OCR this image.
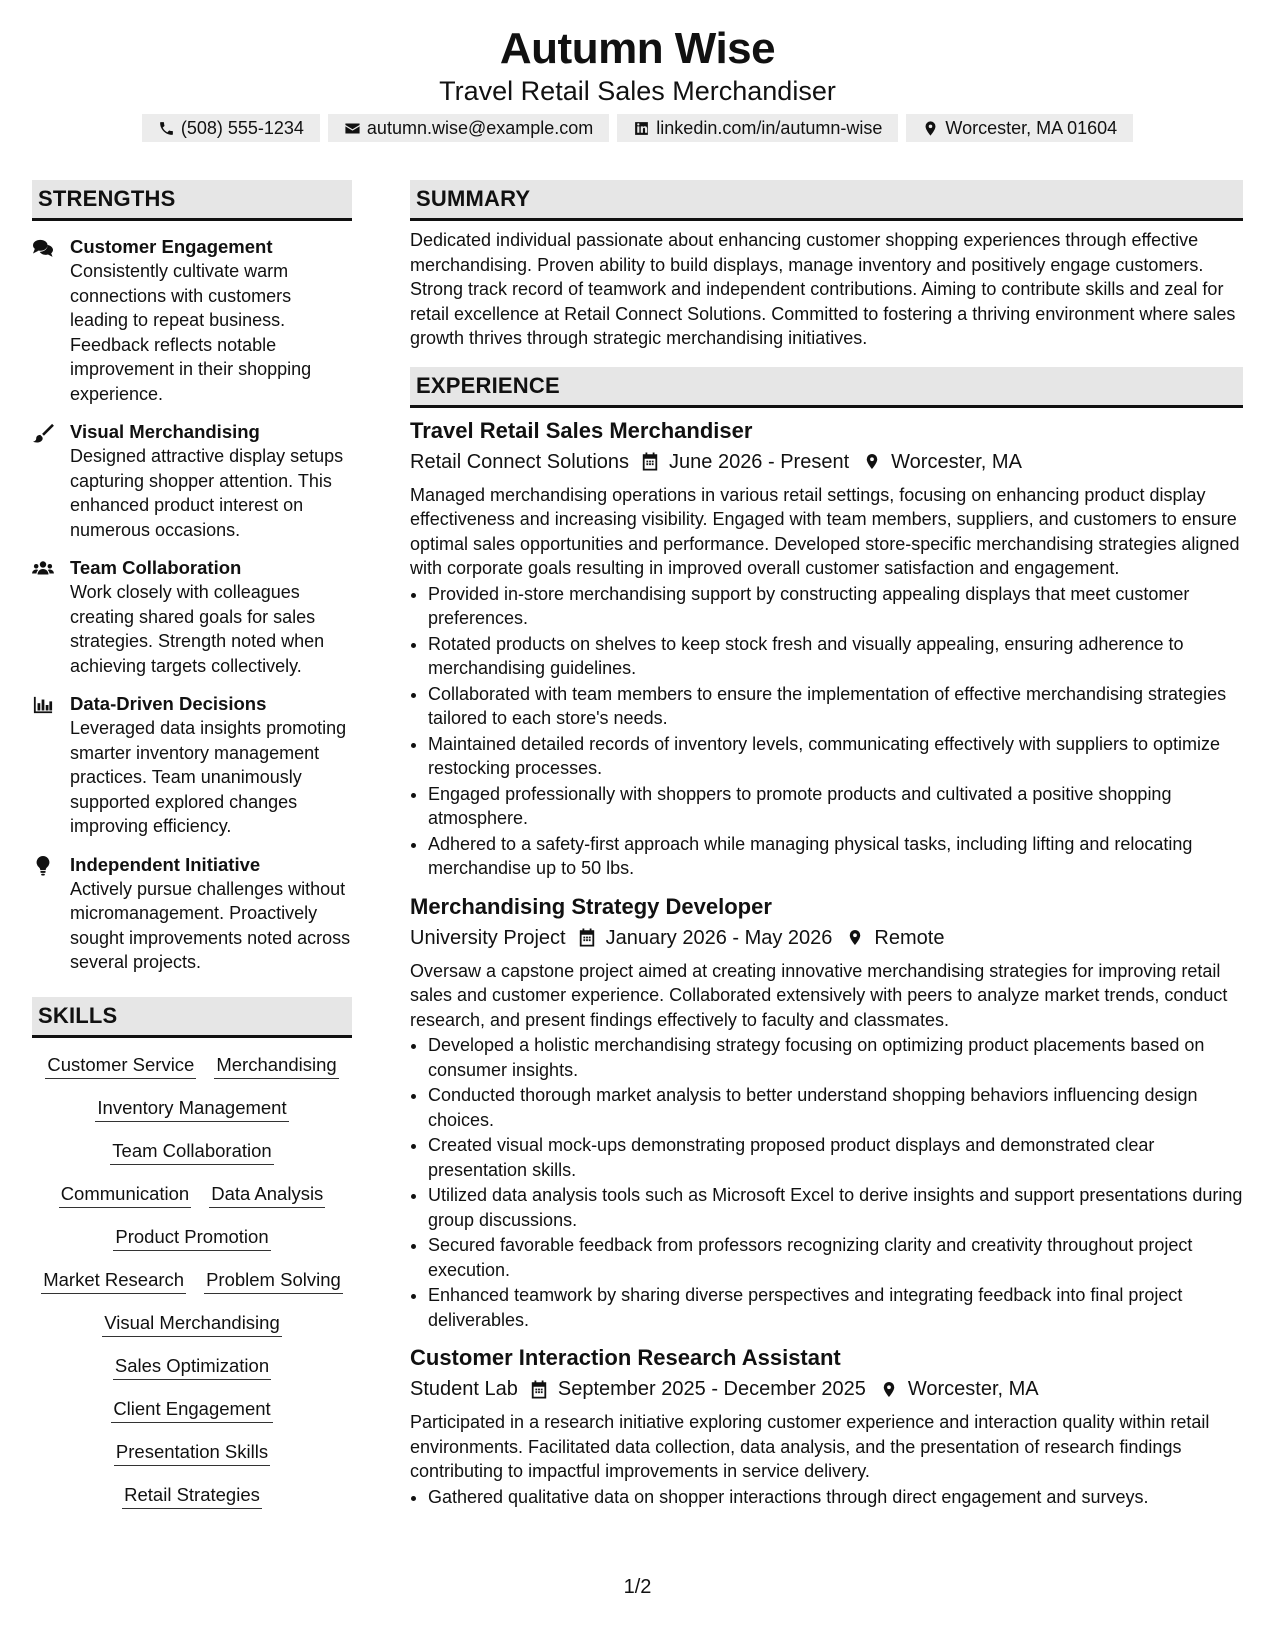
Autumn Wise
Travel Retail Sales Merchandiser
(508) 555-1234	autumn.wise@example.com	linkedin.com/in/autumn-wise	Worcester, MA 01604
STRENGTHS
Customer Engagement
Consistently cultivate warm connections with customers leading to repeat business. Feedback reflects notable improvement in their shopping experience.
Visual Merchandising
Designed attractive display setups capturing shopper attention. This enhanced product interest on numerous occasions.
Team Collaboration
Work closely with colleagues creating shared goals for sales strategies. Strength noted when achieving targets collectively.
Data-Driven Decisions
Leveraged data insights promoting smarter inventory management practices. Team unanimously supported explored changes improving efficiency.
Independent Initiative
Actively pursue challenges without micromanagement. Proactively sought improvements noted across several projects.
SKILLS
Customer Service Merchandising
Inventory Management
Team Collaboration
Communication Data Analysis
Product Promotion
Market Research Problem Solving
Visual Merchandising
Sales Optimization
Client Engagement
Presentation Skills
Retail Strategies
SUMMARY
Dedicated individual passionate about enhancing customer shopping experiences through effective merchandising. Proven ability to build displays, manage inventory and positively engage customers. Strong track record of teamwork and independent contributions. Aiming to contribute skills and zeal for retail excellence at Retail Connect Solutions. Committed to fostering a thriving environment where sales growth thrives through strategic merchandising initiatives.
EXPERIENCE
Travel Retail Sales Merchandiser
Retail Connect Solutions June 2026 - Present Worcester, MA
Managed merchandising operations in various retail settings, focusing on enhancing product display effectiveness and increasing visibility. Engaged with team members, suppliers, and customers to ensure optimal sales opportunities and performance. Developed store-specific merchandising strategies aligned with corporate goals resulting in improved overall customer satisfaction and engagement.
• Provided in-store merchandising support by constructing appealing displays that meet customer preferences.
• Rotated products on shelves to keep stock fresh and visually appealing, ensuring adherence to merchandising guidelines.
• Collaborated with team members to ensure the implementation of effective merchandising strategies tailored to each store's needs.
• Maintained detailed records of inventory levels, communicating effectively with suppliers to optimize restocking processes.
• Engaged professionally with shoppers to promote products and cultivated a positive shopping atmosphere.
• Adhered to a safety-first approach while managing physical tasks, including lifting and relocating merchandise up to 50 lbs.
Merchandising Strategy Developer
University Project January 2026 - May 2026 Remote
Oversaw a capstone project aimed at creating innovative merchandising strategies for improving retail sales and customer experience. Collaborated extensively with peers to analyze market trends, conduct research, and present findings effectively to faculty and classmates.
• Developed a holistic merchandising strategy focusing on optimizing product placements based on consumer insights.
• Conducted thorough market analysis to better understand shopping behaviors influencing design choices.
• Created visual mock-ups demonstrating proposed product displays and demonstrated clear presentation skills.
• Utilized data analysis tools such as Microsoft Excel to derive insights and support presentations during group discussions.
• Secured favorable feedback from professors recognizing clarity and creativity throughout project execution.
• Enhanced teamwork by sharing diverse perspectives and integrating feedback into final project deliverables.
Customer Interaction Research Assistant
Student Lab September 2025 - December 2025 Worcester, MA
Participated in a research initiative exploring customer experience and interaction quality within retail environments. Facilitated data collection, data analysis, and the presentation of research findings contributing to impactful improvements in service delivery.
• Gathered qualitative data on shopper interactions through direct engagement and surveys.
1/2
